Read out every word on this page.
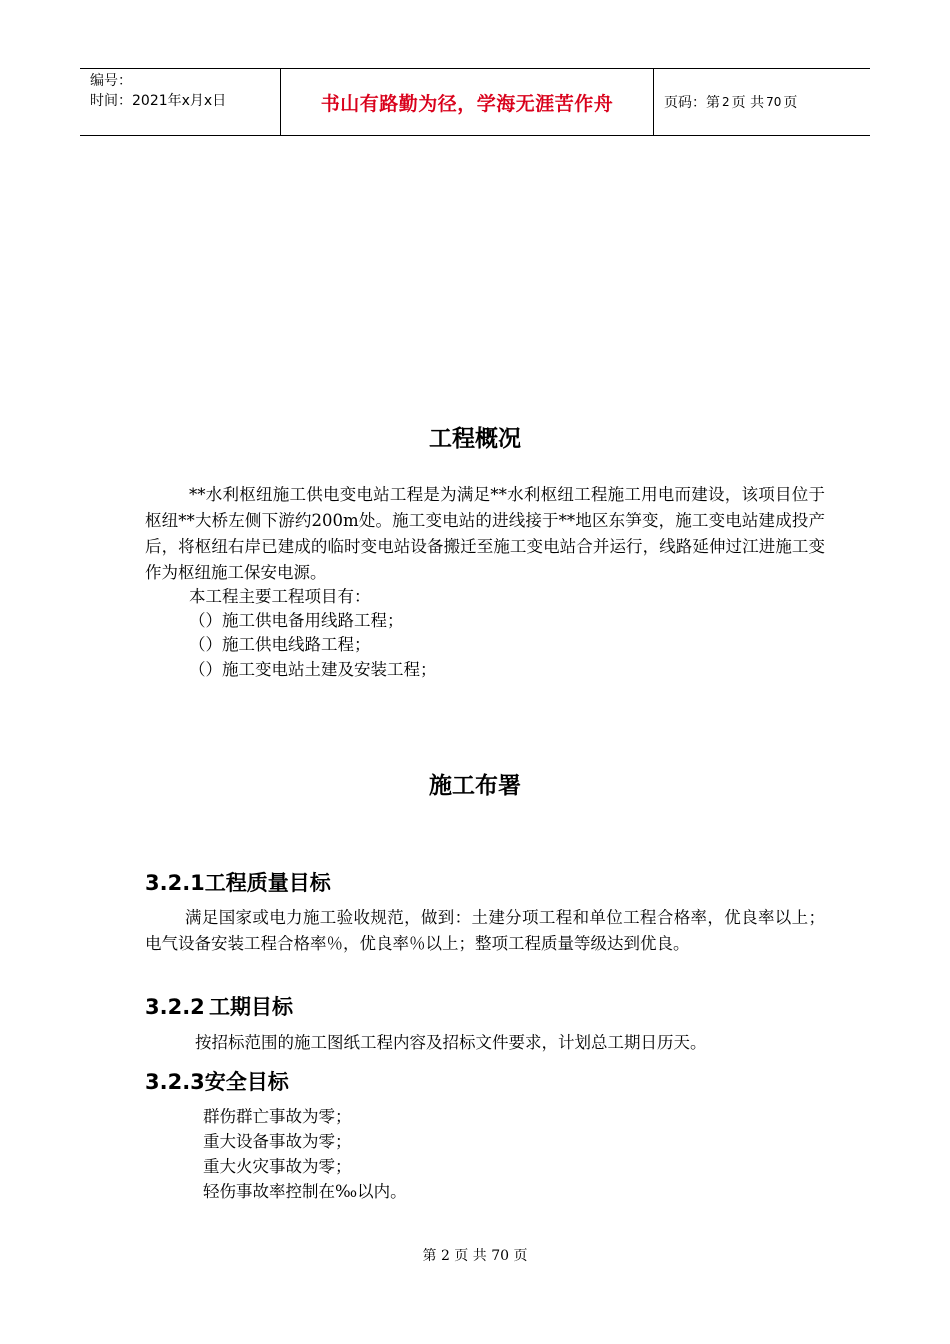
编号：
时间：2021年x月x日	书山有路勤为径，学海无涯苦作舟	页码：第 2 页 共 70 页
工程概况

**水利枢纽施工供电变电站工程是为满足**水利枢纽工程施工用电而建设，该项目位于枢纽**大桥左侧下游约200m处。施工变电站的进线接于**地区东笋变，施工变电站建成投产后，将枢纽右岸已建成的临时变电站设备搬迁至施工变电站合并运行，线路延伸过江进施工变作为枢纽施工保安电源。

本工程主要工程项目有：
（）施工供电备用线路工程；
（）施工供电线路工程；
（）施工变电站土建及安装工程；
施工布署
3.2.1工程质量目标

满足国家或电力施工验收规范，做到：土建分项工程和单位工程合格率，优良率以上；电气设备安装工程合格率％，优良率％以上；整项工程质量等级达到优良。

3.2.2 工期目标
按招标范围的施工图纸工程内容及招标文件要求，计划总工期日历天。
3.2.3安全目标
群伤群亡事故为零；
重大设备事故为零；
重大火灾事故为零；
轻伤事故率控制在‰以内。
第 2 页 共 70 页
